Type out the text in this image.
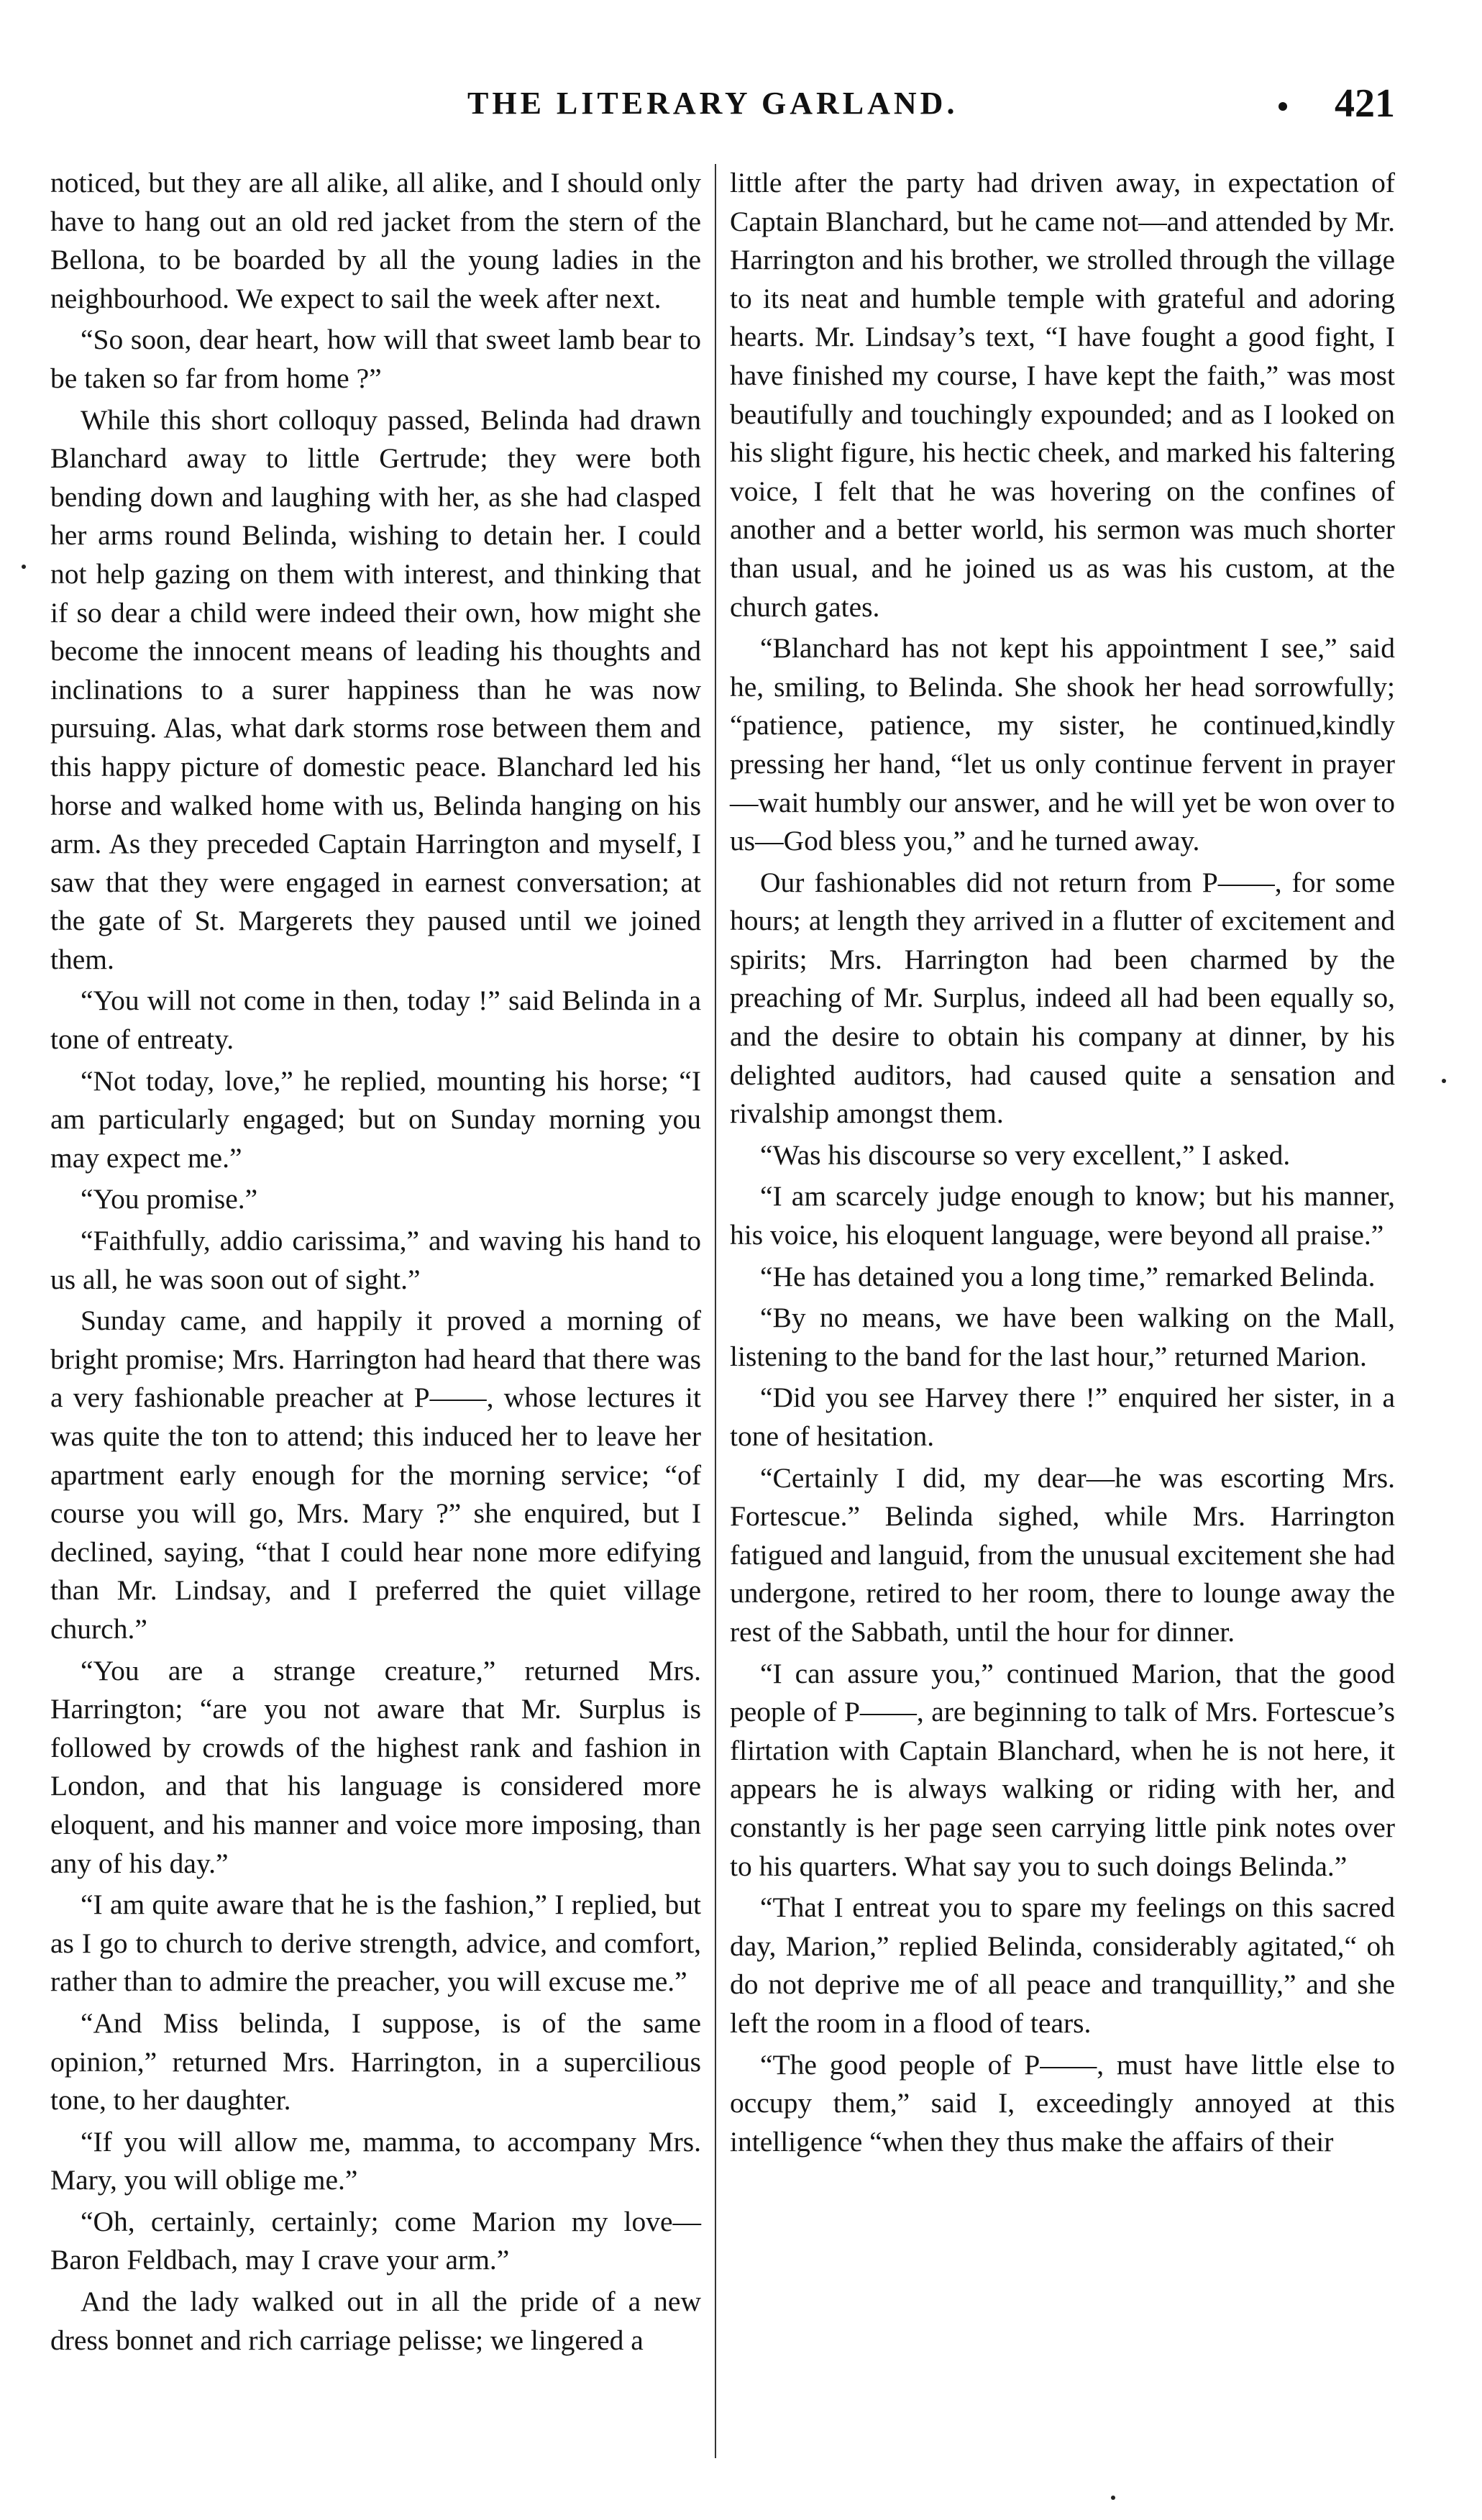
THE LITERARY GARLAND.	421

noticed, but they are all alike, all alike, and I should only have to hang out an old red jacket from the stern of the Bellona, to be boarded by all the young ladies in the neighbourhood. We expect to sail the week after next.

“So soon, dear heart, how will that sweet lamb bear to be taken so far from home ?”

While this short colloquy passed, Belinda had drawn Blanchard away to little Gertrude; they were both bending down and laughing with her, as she had clasped her arms round Belinda, wishing to detain her. I could not help gazing on them with interest, and thinking that if so dear a child were indeed their own, how might she become the innocent means of leading his thoughts and inclinations to a surer happiness than he was now pursuing. Alas, what dark storms rose between them and this happy picture of domestic peace. Blanchard led his horse and walked home with us, Belinda hanging on his arm. As they preceded Captain Harrington and myself, I saw that they were engaged in earnest conversation; at the gate of St. Margerets they paused until we joined them.

“You will not come in then, today !” said Belinda in a tone of entreaty.

“Not today, love,” he replied, mounting his horse; “I am particularly engaged; but on Sunday morning you may expect me.”

“You promise.”

“Faithfully, addio carissima,” and waving his hand to us all, he was soon out of sight.”

Sunday came, and happily it proved a morning of bright promise; Mrs. Harrington had heard that there was a very fashionable preacher at P——, whose lectures it was quite the ton to attend; this induced her to leave her apartment early enough for the morning service; “of course you will go, Mrs. Mary ?” she enquired, but I declined, saying, “that I could hear none more edifying than Mr. Lindsay, and I preferred the quiet village church.”

“You are a strange creature,” returned Mrs. Harrington; “are you not aware that Mr. Surplus is followed by crowds of the highest rank and fashion in London, and that his language is considered more eloquent, and his manner and voice more imposing, than any of his day.”

“I am quite aware that he is the fashion,” I replied, but as I go to church to derive strength, advice, and comfort, rather than to admire the preacher, you will excuse me.”

“And Miss belinda, I suppose, is of the same opinion,” returned Mrs. Harrington, in a supercilious tone, to her daughter.

“If you will allow me, mamma, to accompany Mrs. Mary, you will oblige me.”

“Oh, certainly, certainly; come Marion my love—Baron Feldbach, may I crave your arm.”

And the lady walked out in all the pride of a new dress bonnet and rich carriage pelisse; we lingered a

little after the party had driven away, in expectation of Captain Blanchard, but he came not—and attended by Mr. Harrington and his brother, we strolled through the village to its neat and humble temple with grateful and adoring hearts. Mr. Lindsay’s text, “I have fought a good fight, I have finished my course, I have kept the faith,” was most beautifully and touchingly expounded; and as I looked on his slight figure, his hectic cheek, and marked his faltering voice, I felt that he was hovering on the confines of another and a better world, his sermon was much shorter than usual, and he joined us as was his custom, at the church gates.

“Blanchard has not kept his appointment I see,” said he, smiling, to Belinda. She shook her head sorrowfully; “patience, patience, my sister, he continued,kindly pressing her hand, “let us only continue fervent in prayer—wait humbly our answer, and he will yet be won over to us—God bless you,” and he turned away.

Our fashionables did not return from P——, for some hours; at length they arrived in a flutter of excitement and spirits; Mrs. Harrington had been charmed by the preaching of Mr. Surplus, indeed all had been equally so, and the desire to obtain his company at dinner, by his delighted auditors, had caused quite a sensation and rivalship amongst them.

“Was his discourse so very excellent,” I asked.

“I am scarcely judge enough to know; but his manner, his voice, his eloquent language, were beyond all praise.”

“He has detained you a long time,” remarked Belinda.

“By no means, we have been walking on the Mall, listening to the band for the last hour,” returned Marion.

“Did you see Harvey there !” enquired her sister, in a tone of hesitation.

“Certainly I did, my dear—he was escorting Mrs. Fortescue.” Belinda sighed, while Mrs. Harrington fatigued and languid, from the unusual excitement she had undergone, retired to her room, there to lounge away the rest of the Sabbath, until the hour for dinner.

“I can assure you,” continued Marion, that the good people of P——, are beginning to talk of Mrs. Fortescue’s flirtation with Captain Blanchard, when he is not here, it appears he is always walking or riding with her, and constantly is her page seen carrying little pink notes over to his quarters. What say you to such doings Belinda.”

“That I entreat you to spare my feelings on this sacred day, Marion,” replied Belinda, considerably agitated,“ oh do not deprive me of all peace and tranquillity,” and she left the room in a flood of tears.

“The good people of P——, must have little else to occupy them,” said I, exceedingly annoyed at this intelligence “when they thus make the affairs of their
